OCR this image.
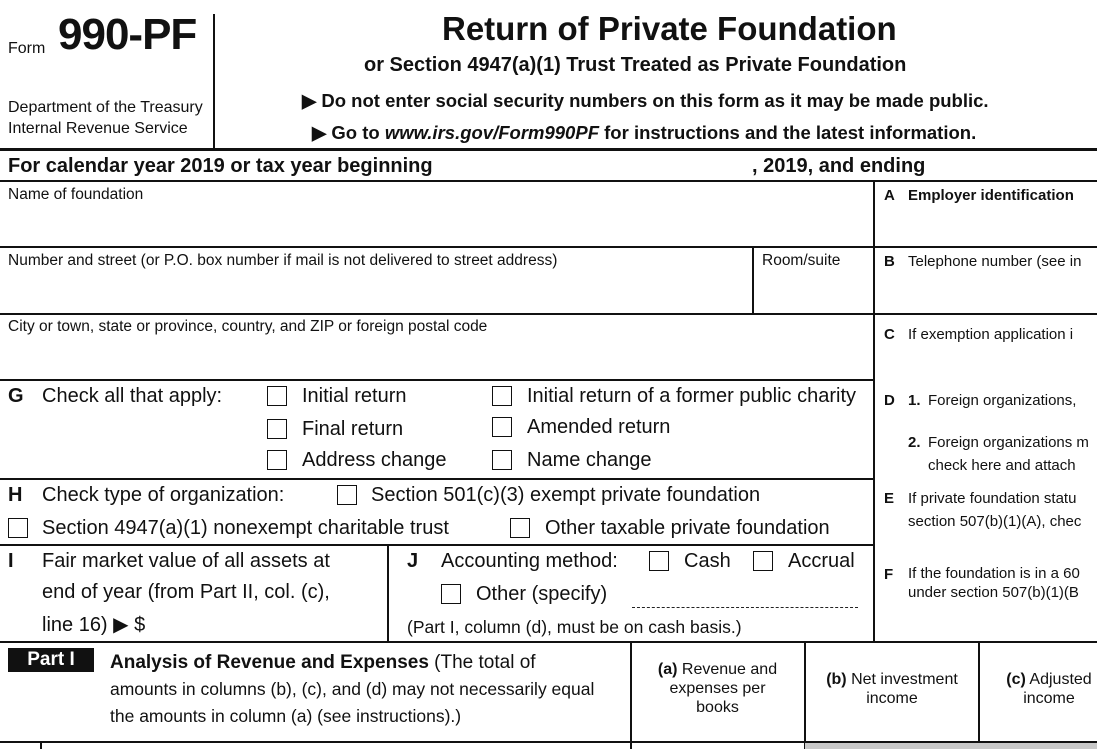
Form 990-PF
Department of the Treasury
Internal Revenue Service
Return of Private Foundation
or Section 4947(a)(1) Trust Treated as Private Foundation
▶ Do not enter social security numbers on this form as it may be made public.
▶ Go to www.irs.gov/Form990PF for instructions and the latest information.
For calendar year 2019 or tax year beginning	, 2019, and ending
Name of foundation
Number and street (or P.O. box number if mail is not delivered to street address)	Room/suite
City or town, state or province, country, and ZIP or foreign postal code
A Employer identification
B Telephone number (see in
C If exemption application i
D 1. Foreign organizations,
2. Foreign organizations m
check here and attach
E If private foundation statu
section 507(b)(1)(A), chec
F If the foundation is in a 60
under section 507(b)(1)(B
G Check all that apply:	Initial return	Initial return of a former public charity
Final return	Amended return
Address change	Name change
H Check type of organization:	Section 501(c)(3) exempt private foundation
Section 4947(a)(1) nonexempt charitable trust	Other taxable private foundation
I Fair market value of all assets at
end of year (from Part II, col. (c),
line 16) ▶ $
J Accounting method:	Cash	Accrual
Other (specify)
(Part I, column (d), must be on cash basis.)
Part I	Analysis of Revenue and Expenses (The total of
amounts in columns (b), (c), and (d) may not necessarily equal
the amounts in column (a) (see instructions).)
(a) Revenue and
expenses per
books
(b) Net investment
income
(c) Adjusted
income
